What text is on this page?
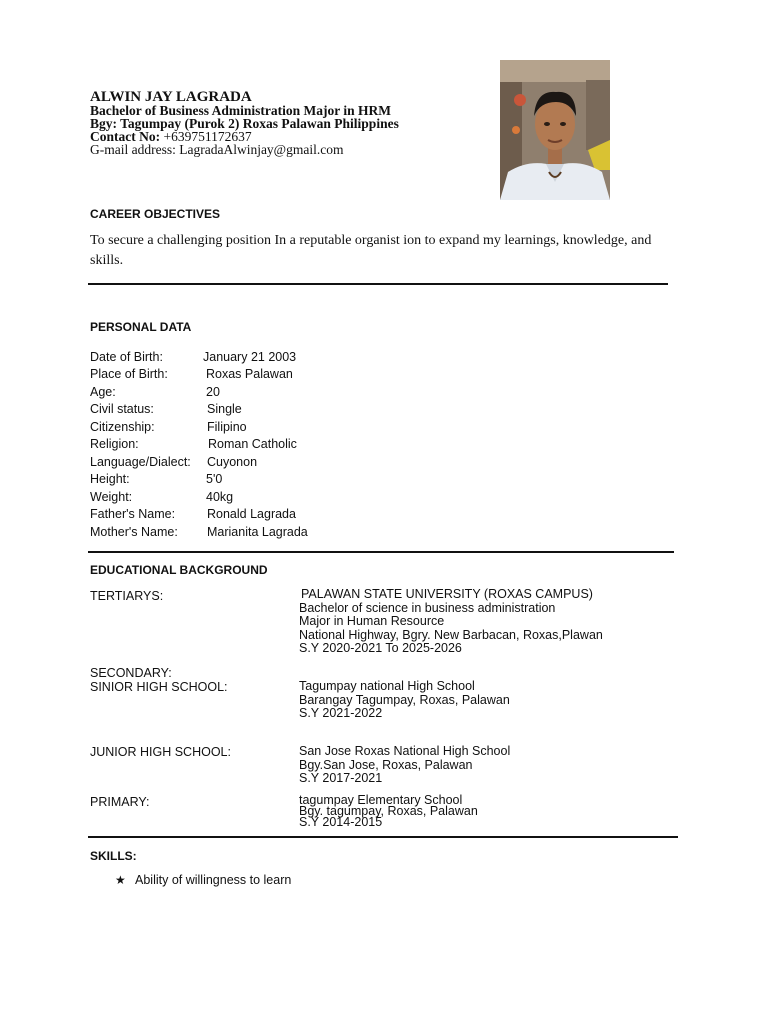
ALWIN JAY LAGRADA
Bachelor of Business Administration Major in HRM
Bgy: Tagumpay (Purok 2) Roxas Palawan Philippines
Contact No: +639751172637
G-mail address: LagradaAlwinjay@gmail.com
CAREER OBJECTIVES
To secure a challenging position In a reputable organist ion to expand my learnings, knowledge, and skills.
PERSONAL DATA
Date of Birth:	January 21 2003
Place of Birth:	Roxas Palawan
Age:	20
Civil status:	Single
Citizenship:	Filipino
Religion:	Roman Catholic
Language/Dialect: Cuyonon
Height:	5'0
Weight:	40kg
Father's Name:	Ronald Lagrada
Mother's Name: Marianita Lagrada
EDUCATIONAL BACKGROUND
TERTIARYS:	PALAWAN STATE UNIVERSITY (ROXAS CAMPUS)
Bachelor of science in business administration
Major in Human Resource
National Highway, Bgry. New Barbacan, Roxas,Plawan
S.Y 2020-2021 To 2025-2026
SECONDARY:
SINIOR HIGH SCHOOL:	Tagumpay national High School
Barangay Tagumpay, Roxas, Palawan
S.Y 2021-2022
JUNIOR HIGH SCHOOL:	San Jose Roxas National High School
Bgy.San Jose, Roxas, Palawan
S.Y 2017-2021
PRIMARY:	tagumpay Elementary School
Bgy. tagumpay, Roxas, Palawan
S.Y 2014-2015
SKILLS:
★ Ability of willingness to learn
